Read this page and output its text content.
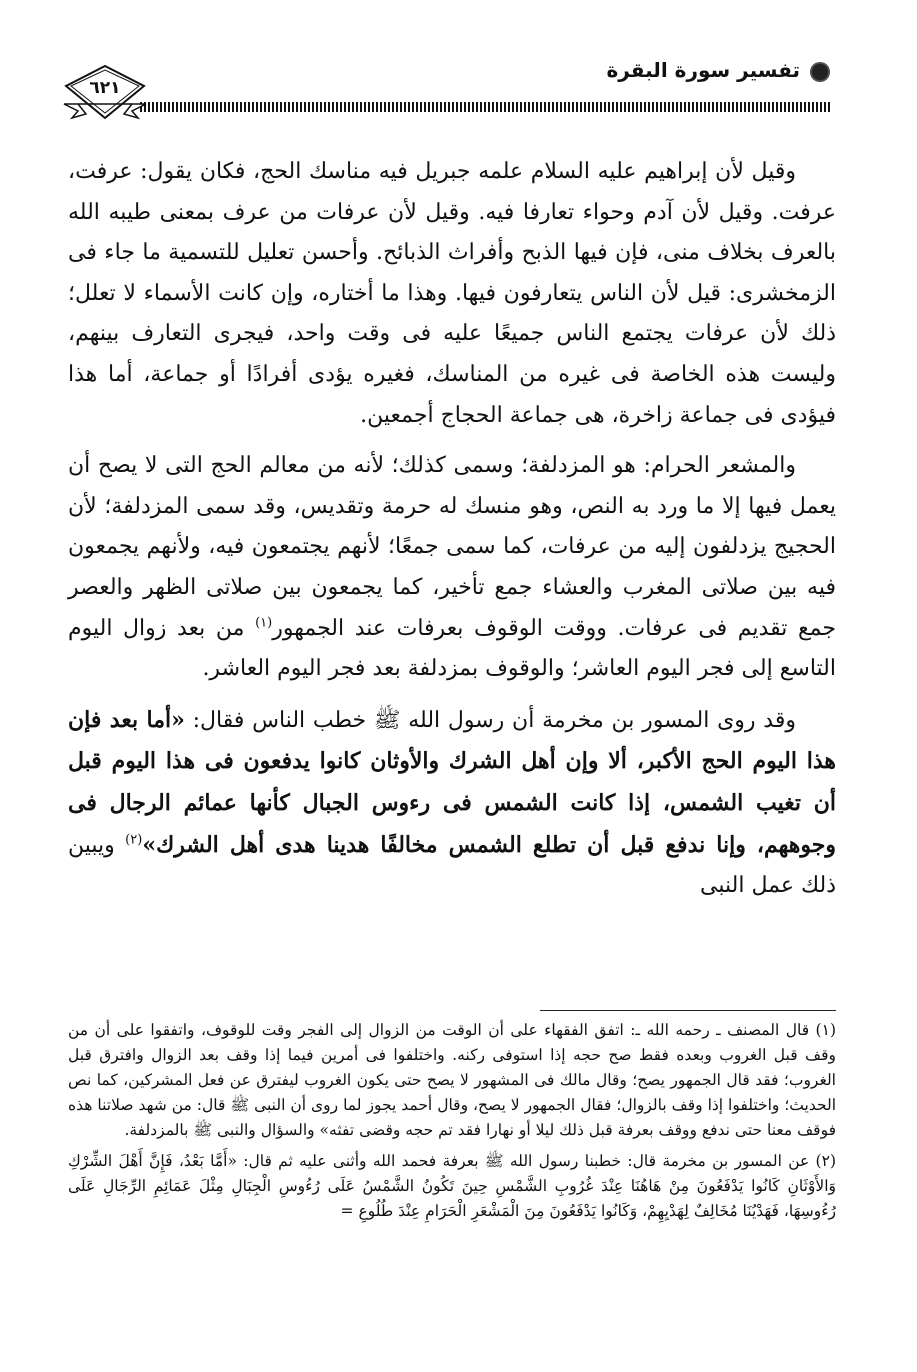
تفسير سورة البقرة
٦٢١

وقيل لأن إبراهيم عليه السلام علمه جبريل فيه مناسك الحج، فكان يقول: عرفت، عرفت. وقيل لأن آدم وحواء تعارفا فيه. وقيل لأن عرفات من عرف بمعنى طيبه الله بالعرف بخلاف منى، فإن فيها الذبح وأفراث الذبائح. وأحسن تعليل للتسمية ما جاء فى الزمخشرى: قيل لأن الناس يتعارفون فيها. وهذا ما أختاره، وإن كانت الأسماء لا تعلل؛ ذلك لأن عرفات يجتمع الناس جميعًا عليه فى وقت واحد، فيجرى التعارف بينهم، وليست هذه الخاصة فى غيره من المناسك، فغيره يؤدى أفرادًا أو جماعة، أما هذا فيؤدى فى جماعة زاخرة، هى جماعة الحجاج أجمعين.

والمشعر الحرام: هو المزدلفة؛ وسمى كذلك؛ لأنه من معالم الحج التى لا يصح أن يعمل فيها إلا ما ورد به النص، وهو منسك له حرمة وتقديس، وقد سمى المزدلفة؛ لأن الحجيج يزدلفون إليه من عرفات، كما سمى جمعًا؛ لأنهم يجتمعون فيه، ولأنهم يجمعون فيه بين صلاتى المغرب والعشاء جمع تأخير، كما يجمعون بين صلاتى الظهر والعصر جمع تقديم فى عرفات. ووقت الوقوف بعرفات عند الجمهور$^{(١)}$ من بعد زوال اليوم التاسع إلى فجر اليوم العاشر؛ والوقوف بمزدلفة بعد فجر اليوم العاشر.

وقد روى المسور بن مخرمة أن رسول الله ﷺ خطب الناس فقال: «أما بعد فإن هذا اليوم الحج الأكبر، ألا وإن أهل الشرك والأوثان كانوا يدفعون فى هذا اليوم قبل أن تغيب الشمس، إذا كانت الشمس فى رءوس الجبال كأنها عمائم الرجال فى وجوههم، وإنا ندفع قبل أن تطلع الشمس مخالفًا هدينا هدى أهل الشرك»$^{(٢)}$ ويبين ذلك عمل النبى

(١) قال المصنف ـ رحمه الله ـ: اتفق الفقهاء على أن الوقت من الزوال إلى الفجر وقت للوقوف، واتفقوا على أن من وقف قبل الغروب وبعده فقط صح حجه إذا استوفى ركنه. واختلفوا فى أمرين فيما إذا وقف بعد الزوال وافترق قبل الغروب؛ فقد قال الجمهور يصح؛ وقال مالك فى المشهور لا يصح حتى يكون الغروب ليفترق عن فعل المشركين، كما نص الحديث؛ واختلفوا إذا وقف بالزوال؛ فقال الجمهور لا يصح، وقال أحمد يجوز لما روى أن النبى ﷺ قال: من شهد صلاتنا هذه فوقف معنا حتى ندفع ووقف بعرفة قبل ذلك ليلا أو نهارا فقد تم حجه وقضى تفثه» والسؤال والنبى ﷺ بالمزدلفة.

(٢) عن المسور بن مخرمة قال: خطبنا رسول الله ﷺ بعرفة فحمد الله وأثنى عليه ثم قال: «أَمَّا بَعْدُ، فَإِنَّ أَهْلَ الشِّرْكِ وَالأَوْثَانِ كَانُوا يَدْفَعُونَ مِنْ هَاهُنَا عِنْدَ غُرُوبِ الشَّمْسِ حِينَ تَكُونُ الشَّمْسُ عَلَى رُءُوسِ الْجِبَالِ مِثْلَ عَمَائِمِ الرِّجَالِ عَلَى رُءُوسِهَا، فَهَدْيُنَا مُخَالِفٌ لِهَدْيِهِمْ، وَكَانُوا يَدْفَعُونَ مِنَ الْمَشْعَرِ الْحَرَامِ عِنْدَ طُلُوعِ =
